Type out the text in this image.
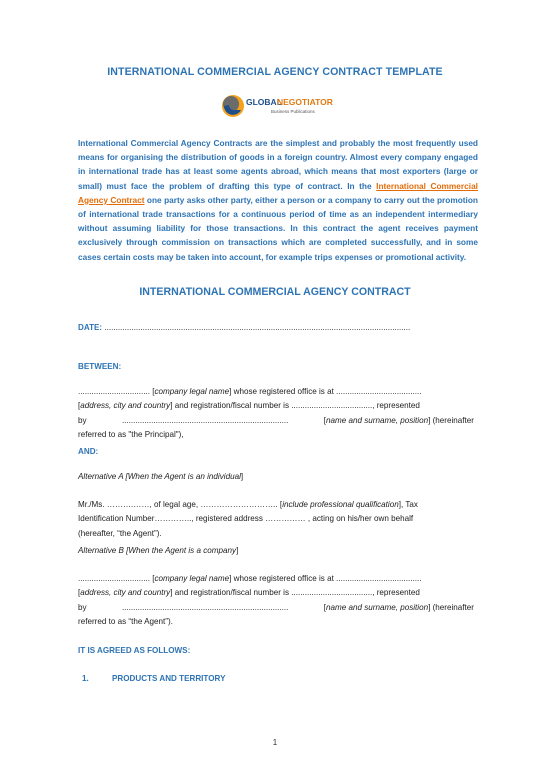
INTERNATIONAL COMMERCIAL AGENCY CONTRACT TEMPLATE
GLOBAL
NEGOTIATOR
Business Publications
International Commercial Agency Contracts are the simplest and probably the most frequently used means for organising the distribution of goods in a foreign country. Almost every company engaged in international trade has at least some agents abroad, which means that most exporters (large or small) must face the problem of drafting this type of contract. In the International Commercial Agency Contract one party asks other party, either a person or a company to carry out the promotion of international trade transactions for a continuous period of time as an independent intermediary without assuming liability for those transactions. In this contract the agent receives payment exclusively through commission on transactions which are completed successfully, and in some cases certain costs may be taken into account, for example trips expenses or promotional activity.
INTERNATIONAL COMMERCIAL AGENCY CONTRACT
DATE: ........................................................................................................................................
BETWEEN:
................................ [company legal name] whose registered office is at ......................................
[address, city and country] and registration/fiscal number is ...................................., represented
by	..........................................................................	[name and surname, position] (hereinafter
referred to as "the Principal"),
AND:
Alternative A [When the Agent is an individual]
Mr./Ms. ……….……, of legal age, ……………………….. [include professional qualification], Tax
Identification Number………….., registered address …………… , acting on his/her own behalf
(hereafter, “the Agent”).
Alternative B [When the Agent is a company]
................................ [company legal name] whose registered office is at ......................................
[address, city and country] and registration/fiscal number is ...................................., represented
by	..........................................................................	[name and surname, position] (hereinafter
referred to as “the Agent”).
IT IS AGREED AS FOLLOWS:
1.	PRODUCTS AND TERRITORY
1
